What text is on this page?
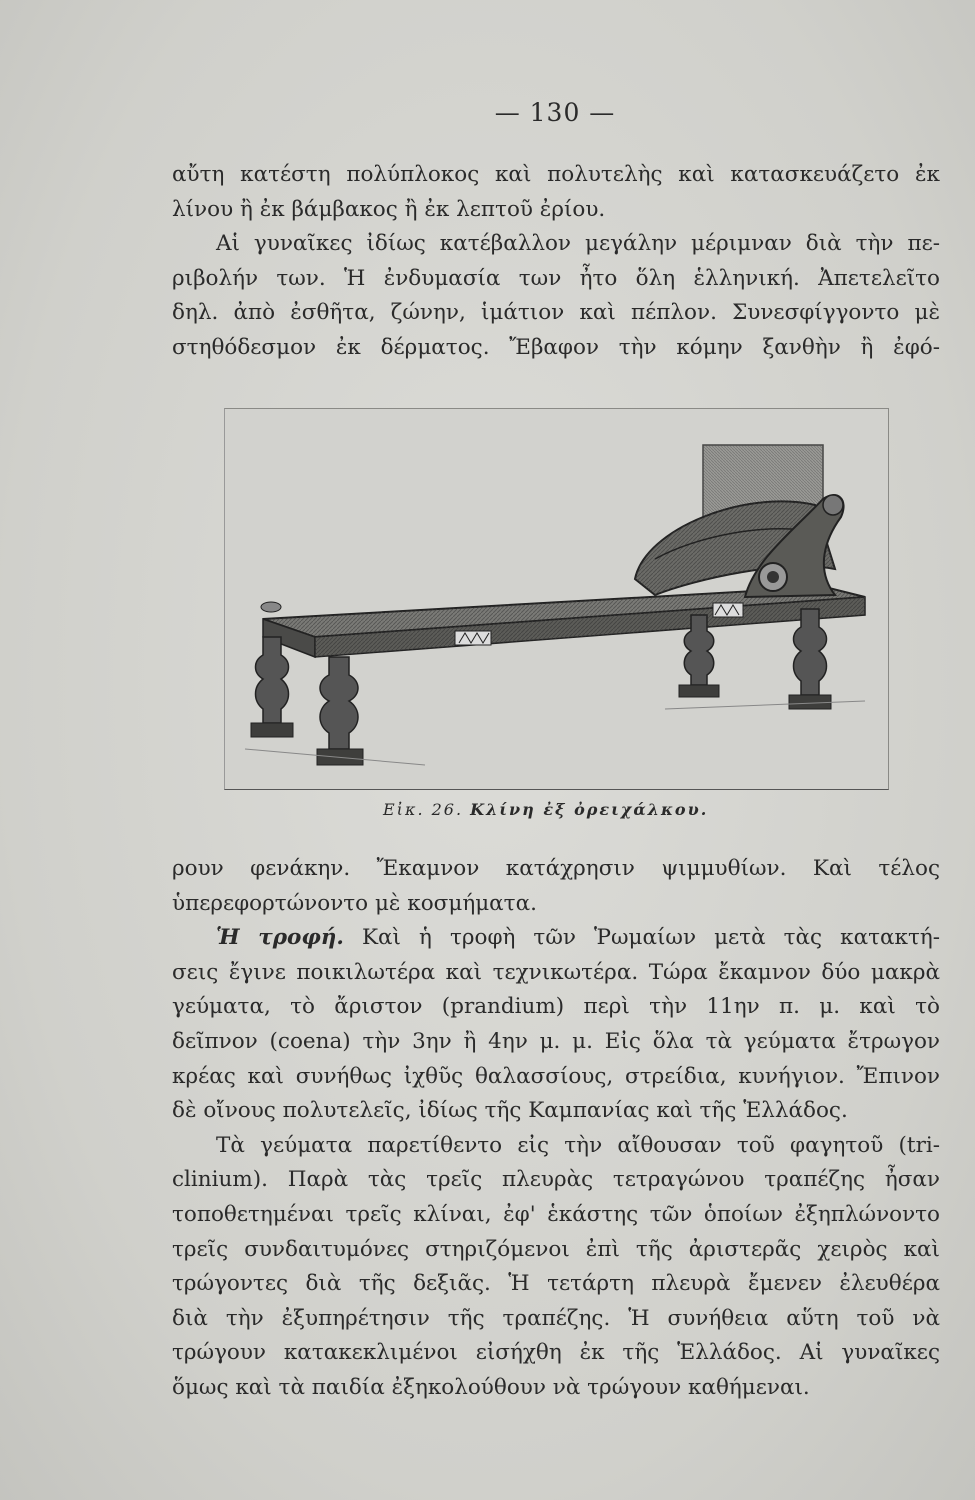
— 130 —
αὔτη κατέστη πολύπλοκος καὶ πολυτελὴς καὶ κατασκευάζετο ἐκ
λίνου ἢ ἐκ βάμβακος ἢ ἐκ λεπτοῦ ἐρίου.
Αἱ γυναῖκες ἰδίως κατέβαλλον μεγάλην μέριμναν διὰ τὴν πε-
ριβολήν των. Ἡ ἐνδυμασία των ἦτο ὅλη ἑλληνική. Ἀπετελεῖτο
δηλ. ἀπὸ ἐσθῆτα, ζώνην, ἱμάτιον καὶ πέπλον. Συνεσφίγγοντο μὲ
στηθόδεσμον ἐκ δέρματος. Ἔβαφον τὴν κόμην ξανθὴν ἢ ἐφό-
Εἰκ. 26. Κλίνη ἐξ ὀρειχάλκου.
ρουν φενάκην. Ἔκαμνον κατάχρησιν ψιμμυθίων. Καὶ τέλος
ὑπερεφορτώνοντο μὲ κοσμήματα.
Ἡ τροφή. Καὶ ἡ τροφὴ τῶν Ῥωμαίων μετὰ τὰς κατακτή-
σεις ἔγινε ποικιλωτέρα καὶ τεχνικωτέρα. Τώρα ἔκαμνον δύο μακρὰ
γεύματα, τὸ ἄριστον (prandium) περὶ τὴν 11ην π. μ. καὶ τὸ
δεῖπνον (coena) τὴν 3ην ἢ 4ην μ. μ. Εἰς ὅλα τὰ γεύματα ἔτρωγον
κρέας καὶ συνήθως ἰχθῦς θαλασσίους, στρείδια, κυνήγιον. Ἔπινον
δὲ οἴνους πολυτελεῖς, ἰδίως τῆς Καμπανίας καὶ τῆς Ἑλλάδος.
Τὰ γεύματα παρετίθεντο εἰς τὴν αἴθουσαν τοῦ φαγητοῦ (tri-
clinium). Παρὰ τὰς τρεῖς πλευρὰς τετραγώνου τραπέζης ἦσαν
τοποθετημέναι τρεῖς κλίναι, ἐφ' ἑκάστης τῶν ὁποίων ἐξηπλώνοντο
τρεῖς συνδαιτυμόνες στηριζόμενοι ἐπὶ τῆς ἀριστερᾶς χειρὸς καὶ
τρώγοντες διὰ τῆς δεξιᾶς. Ἡ τετάρτη πλευρὰ ἔμενεν ἐλευθέρα
διὰ τὴν ἐξυπηρέτησιν τῆς τραπέζης. Ἡ συνήθεια αὕτη τοῦ νὰ
τρώγουν κατακεκλιμένοι εἰσήχθη ἐκ τῆς Ἑλλάδος. Αἱ γυναῖκες
ὅμως καὶ τὰ παιδία ἐξηκολούθουν νὰ τρώγουν καθήμεναι.
